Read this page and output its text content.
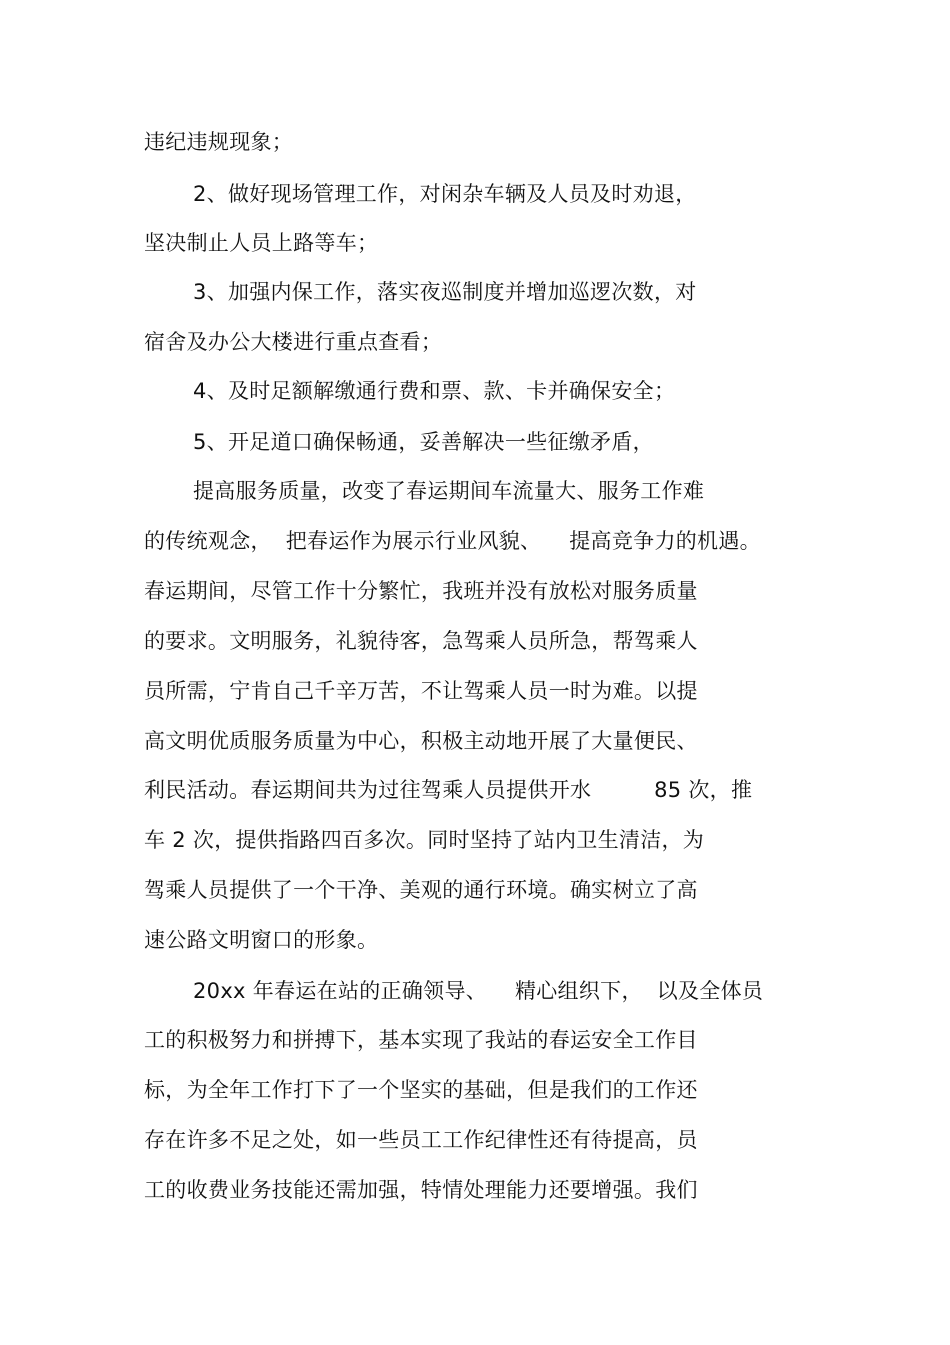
违纪违规现象；
2、做好现场管理工作，对闲杂车辆及人员及时劝退，
坚决制止人员上路等车；
3、加强内保工作，落实夜巡制度并增加巡逻次数，对
宿舍及办公大楼进行重点查看；
4、及时足额解缴通行费和票、款、卡并确保安全；
5、开足道口确保畅通，妥善解决一些征缴矛盾，
提高服务质量，改变了春运期间车流量大、服务工作难
的传统观念，  把春运作为展示行业风貌、    提高竞争力的机遇。
春运期间，尽管工作十分繁忙，我班并没有放松对服务质量
的要求。文明服务，礼貌待客，急驾乘人员所急，帮驾乘人
员所需，宁肯自己千辛万苦，不让驾乘人员一时为难。以提
高文明优质服务质量为中心，积极主动地开展了大量便民、
利民活动。春运期间共为过往驾乘人员提供开水         85 次，推
车 2 次，提供指路四百多次。同时坚持了站内卫生清洁，为
驾乘人员提供了一个干净、美观的通行环境。确实树立了高
速公路文明窗口的形象。
20xx 年春运在站的正确领导、    精心组织下，  以及全体员
工的积极努力和拼搏下，基本实现了我站的春运安全工作目
标，为全年工作打下了一个坚实的基础，但是我们的工作还
存在许多不足之处，如一些员工工作纪律性还有待提高，员
工的收费业务技能还需加强，特情处理能力还要增强。我们
